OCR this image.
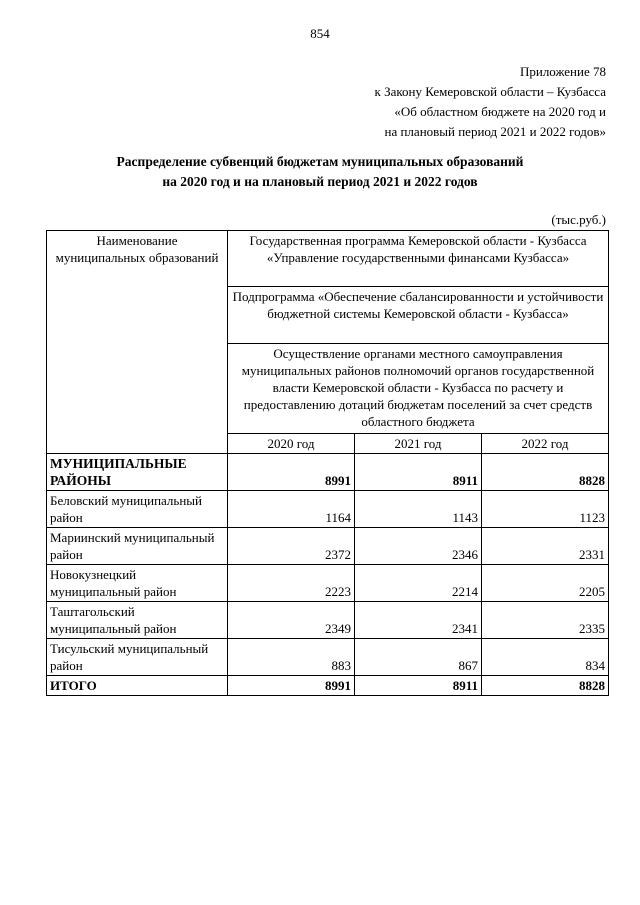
854
Приложение 78
к Закону Кемеровской области – Кузбасса
«Об областном бюджете на 2020 год и
на плановый период 2021 и 2022 годов»
Распределение субвенций бюджетам муниципальных образований
на 2020 год и на плановый период 2021 и 2022 годов
(тыс.руб.)
Наименование муниципальных образований	Государственная программа Кемеровской области - Кузбасса «Управление государственными финансами Кузбасса»		
	Подпрограмма «Обеспечение сбалансированности и устойчивости бюджетной системы Кемеровской области - Кузбасса»		
	Осуществление органами местного самоуправления муниципальных районов полномочий органов государственной власти Кемеровской области - Кузбасса по расчету и предоставлению дотаций бюджетам поселений за счет средств областного бюджета		
	2020 год	2021 год	2022 год
МУНИЦИПАЛЬНЫЕ РАЙОНЫ	8991	8911	8828
Беловский муниципальный район	1164	1143	1123
Мариинский муниципальный район	2372	2346	2331
Новокузнецкий муниципальный район	2223	2214	2205
Таштагольский муниципальный район	2349	2341	2335
Тисульский муниципальный район	883	867	834
ИТОГО	8991	8911	8828
